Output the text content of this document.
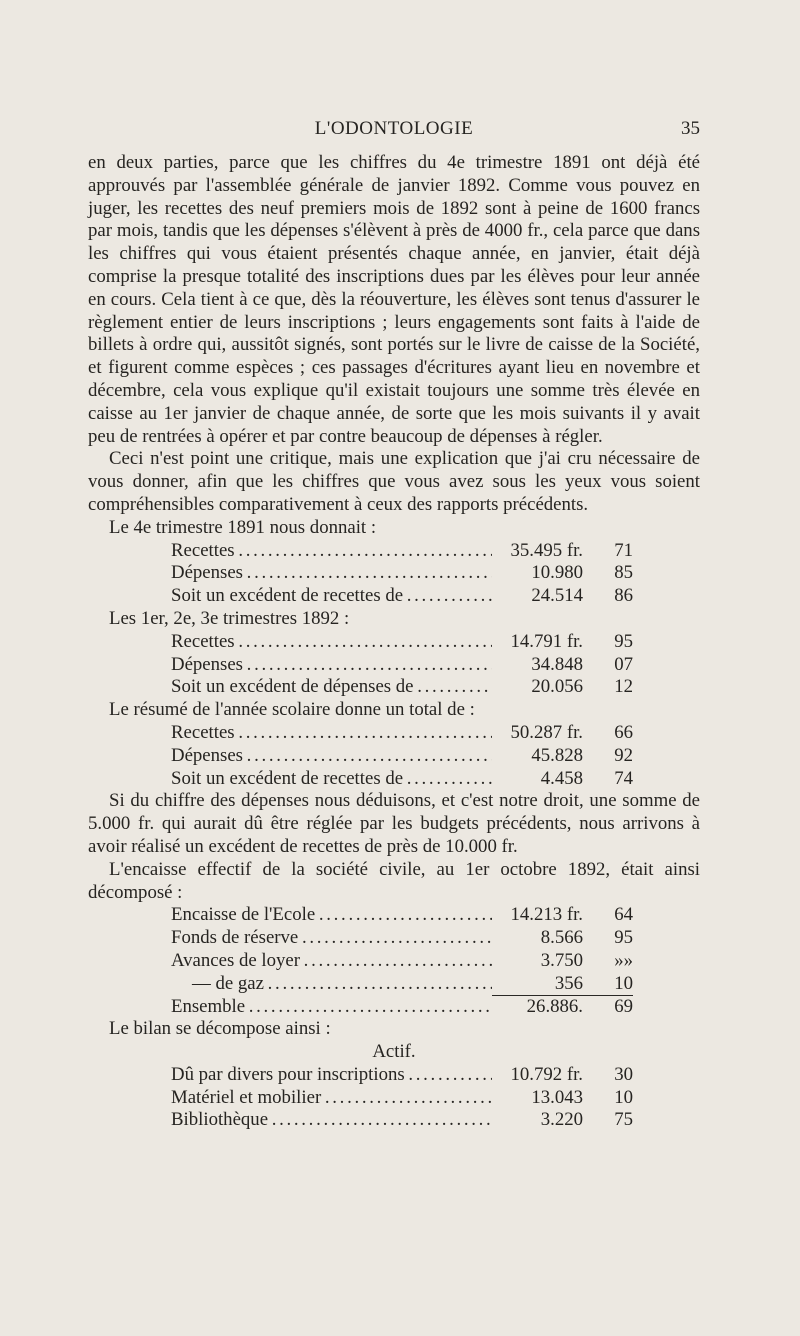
L'ODONTOLOGIE	35

en deux parties, parce que les chiffres du 4e trimestre 1891 ont déjà été approuvés par l'assemblée générale de janvier 1892. Comme vous pouvez en juger, les recettes des neuf premiers mois de 1892 sont à peine de 1600 francs par mois, tandis que les dépenses s'élèvent à près de 4000 fr., cela parce que dans les chiffres qui vous étaient présentés chaque année, en janvier, était déjà comprise la presque totalité des inscriptions dues par les élèves pour leur année en cours. Cela tient à ce que, dès la réouverture, les élèves sont tenus d'assurer le règlement entier de leurs inscriptions ; leurs engagements sont faits à l'aide de billets à ordre qui, aussitôt signés, sont portés sur le livre de caisse de la Société, et figurent comme espèces ; ces passages d'écritures ayant lieu en novembre et décembre, cela vous explique qu'il existait toujours une somme très élevée en caisse au 1er janvier de chaque année, de sorte que les mois suivants il y avait peu de rentrées à opérer et par contre beaucoup de dépenses à régler.

Ceci n'est point une critique, mais une explication que j'ai cru nécessaire de vous donner, afin que les chiffres que vous avez sous les yeux vous soient compréhensibles comparativement à ceux des rapports précédents.

Le 4e trimestre 1891 nous donnait :

Recettes . . .	35.495 fr.	71
Dépenses . . .	10.980	85
Soit un excédent de recettes de . . .	24.514	86

Les 1er, 2e, 3e trimestres 1892 :

Recettes . . .	14.791 fr.	95
Dépenses . . .	34.848	07
Soit un excédent de dépenses de . . .	20.056	12

Le résumé de l'année scolaire donne un total de :

Recettes . . .	50.287 fr.	66
Dépenses . . .	45.828	92
Soit un excédent de recettes de . . .	4.458	74

Si du chiffre des dépenses nous déduisons, et c'est notre droit, une somme de 5.000 fr. qui aurait dû être réglée par les budgets précédents, nous arrivons à avoir réalisé un excédent de recettes de près de 10.000 fr.

L'encaisse effectif de la société civile, au 1er octobre 1892, était ainsi décomposé :

Encaisse de l'Ecole . . .	14.213 fr.	64
Fonds de réserve . . .	8.566	95
Avances de loyer . . .	3.750	»»
— de gaz . . .	356	10
Ensemble . . .	26.886.	69

Le bilan se décompose ainsi :

Actif.

Dû par divers pour inscriptions . . .	10.792 fr.	30
Matériel et mobilier . . .	13.043	10
Bibliothèque . . .	3.220	75
